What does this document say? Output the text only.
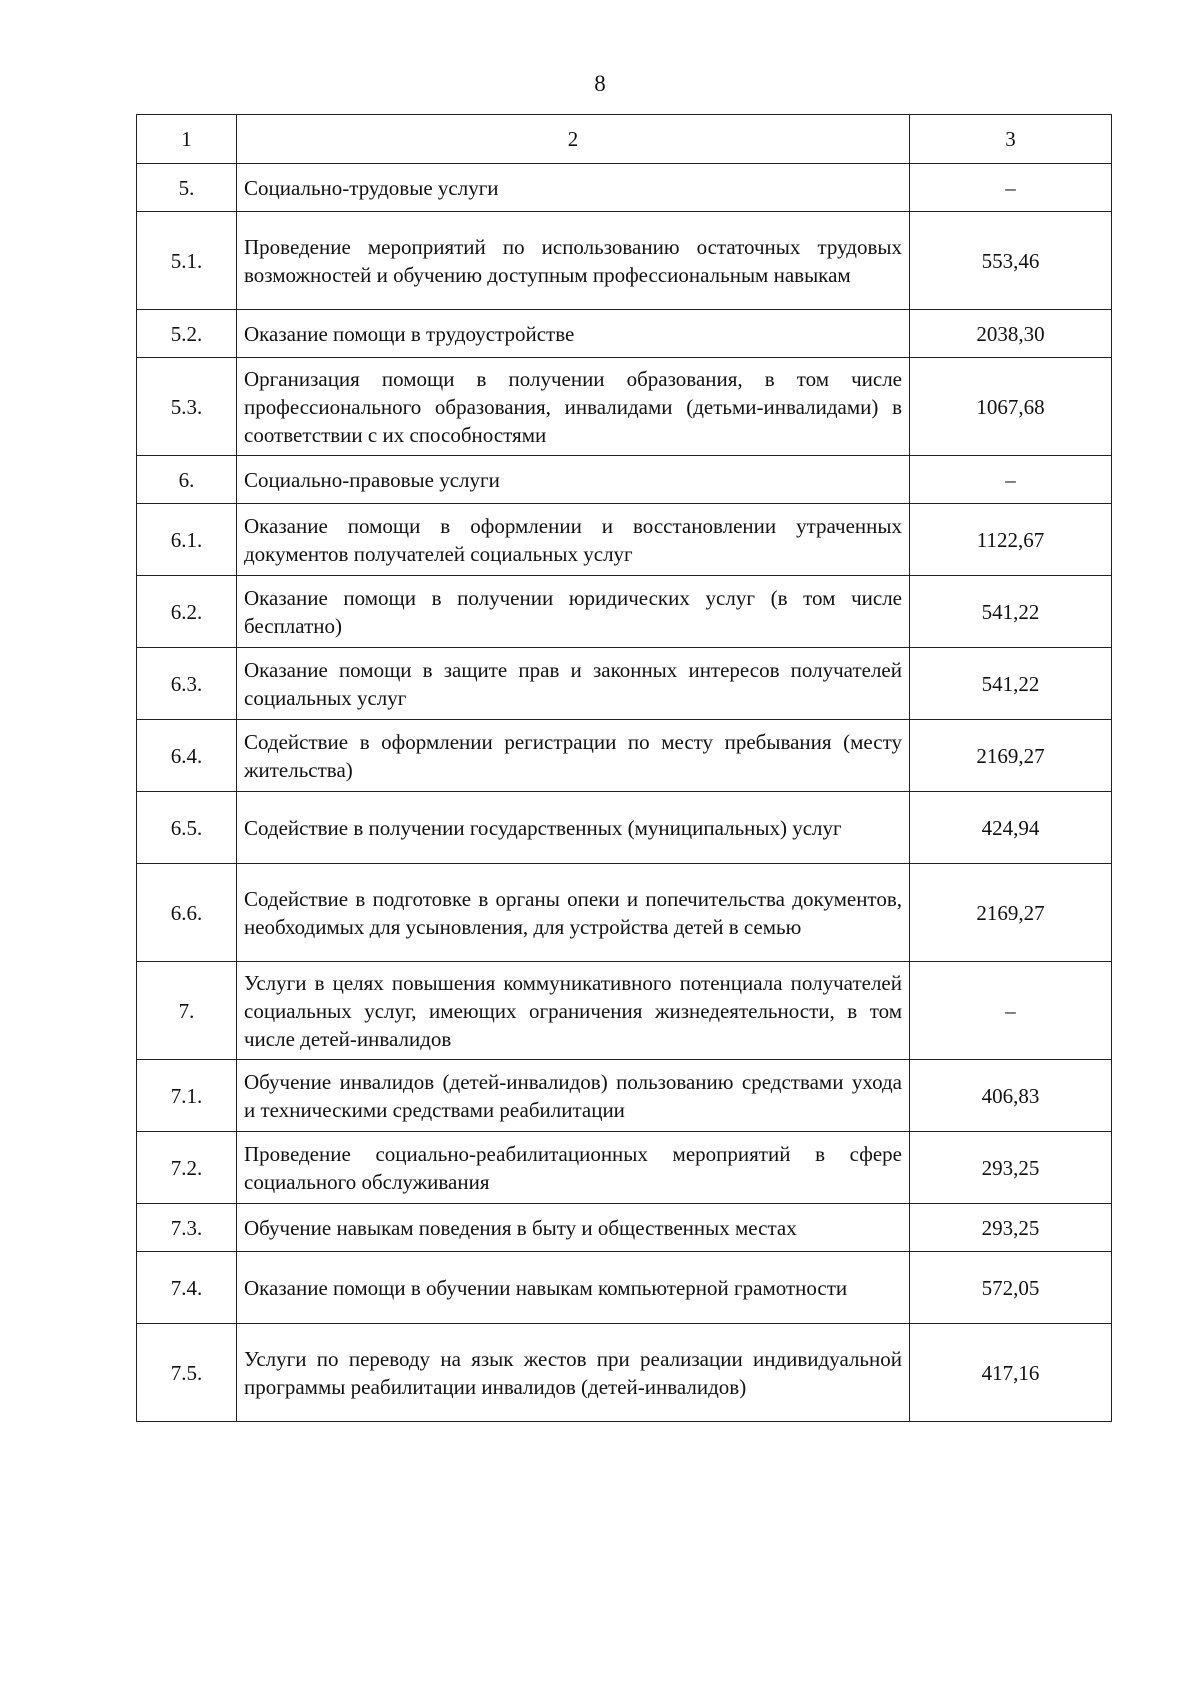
8
1	2	3
5.	Социально-трудовые услуги	–
5.1.	Проведение мероприятий по использованию остаточных трудовых возможностей и обучению доступным профессиональным навыкам	553,46
5.2.	Оказание помощи в трудоустройстве	2038,30
5.3.	Организация помощи в получении образования, в том числе профессионального образования, инвалидами (детьми-инвалидами) в соответствии с их способностями	1067,68
6.	Социально-правовые услуги	–
6.1.	Оказание помощи в оформлении и восстановлении утраченных документов получателей социальных услуг	1122,67
6.2.	Оказание помощи в получении юридических услуг (в том числе бесплатно)	541,22
6.3.	Оказание помощи в защите прав и законных интересов получателей социальных услуг	541,22
6.4.	Содействие в оформлении регистрации по месту пребывания (месту жительства)	2169,27
6.5.	Содействие в получении государственных (муниципальных) услуг	424,94
6.6.	Содействие в подготовке в органы опеки и попечительства документов, необходимых для усыновления, для устройства детей в семью	2169,27
7.	Услуги в целях повышения коммуникативного потенциала получателей социальных услуг, имеющих ограничения жизнедеятельности, в том числе детей-инвалидов	–
7.1.	Обучение инвалидов (детей-инвалидов) пользованию средствами ухода и техническими средствами реабилитации	406,83
7.2.	Проведение социально-реабилитационных мероприятий в сфере социального обслуживания	293,25
7.3.	Обучение навыкам поведения в быту и общественных местах	293,25
7.4.	Оказание помощи в обучении навыкам компьютерной грамотности	572,05
7.5.	Услуги по переводу на язык жестов при реализации индивидуальной программы реабилитации инвалидов (детей-инвалидов)	417,16
